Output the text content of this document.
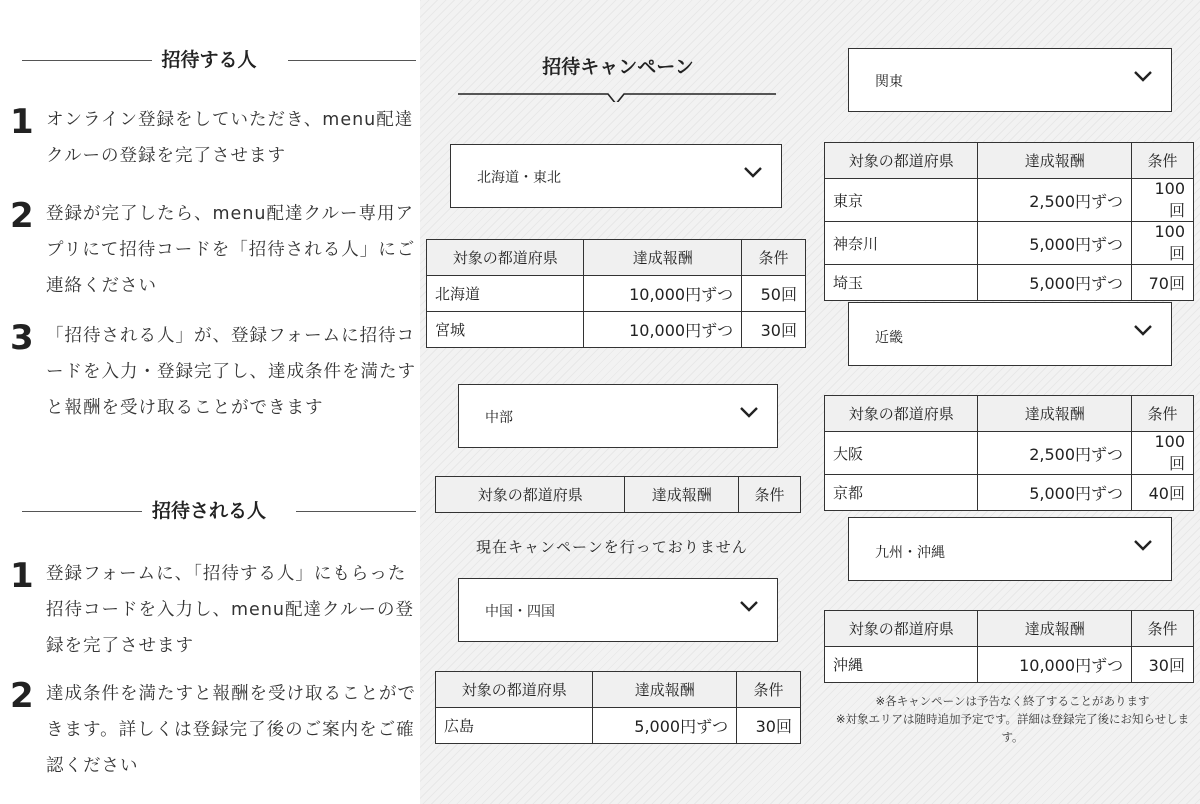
招待する人
1 オンライン登録をしていただき、menu配達クルーの登録を完了させます
2 登録が完了したら、menu配達クルー専用アプリにて招待コードを「招待される人」にご連絡ください
3 「招待される人」が、登録フォームに招待コードを入力・登録完了し、達成条件を満たすと報酬を受け取ることができます
招待される人
1 登録フォームに、「招待する人」にもらった招待コードを入力し、menu配達クルーの登録を完了させます
2 達成条件を満たすと報酬を受け取ることができます。詳しくは登録完了後のご案内をご確認ください
招待キャンペーン
北海道・東北
対象の都道府県	達成報酬	条件
北海道	10,000円ずつ	50回
宮城	10,000円ずつ	30回
中部
対象の都道府県	達成報酬	条件
現在キャンペーンを行っておりません
中国・四国
対象の都道府県	達成報酬	条件
広島	5,000円ずつ	30回
関東
対象の都道府県	達成報酬	条件
東京	2,500円ずつ	100回
神奈川	5,000円ずつ	100回
埼玉	5,000円ずつ	70回
近畿
対象の都道府県	達成報酬	条件
大阪	2,500円ずつ	100回
京都	5,000円ずつ	40回
九州・沖縄
対象の都道府県	達成報酬	条件
沖縄	10,000円ずつ	30回
※各キャンペーンは予告なく終了することがあります
※対象エリアは随時追加予定です。詳細は登録完了後にお知らせします。
